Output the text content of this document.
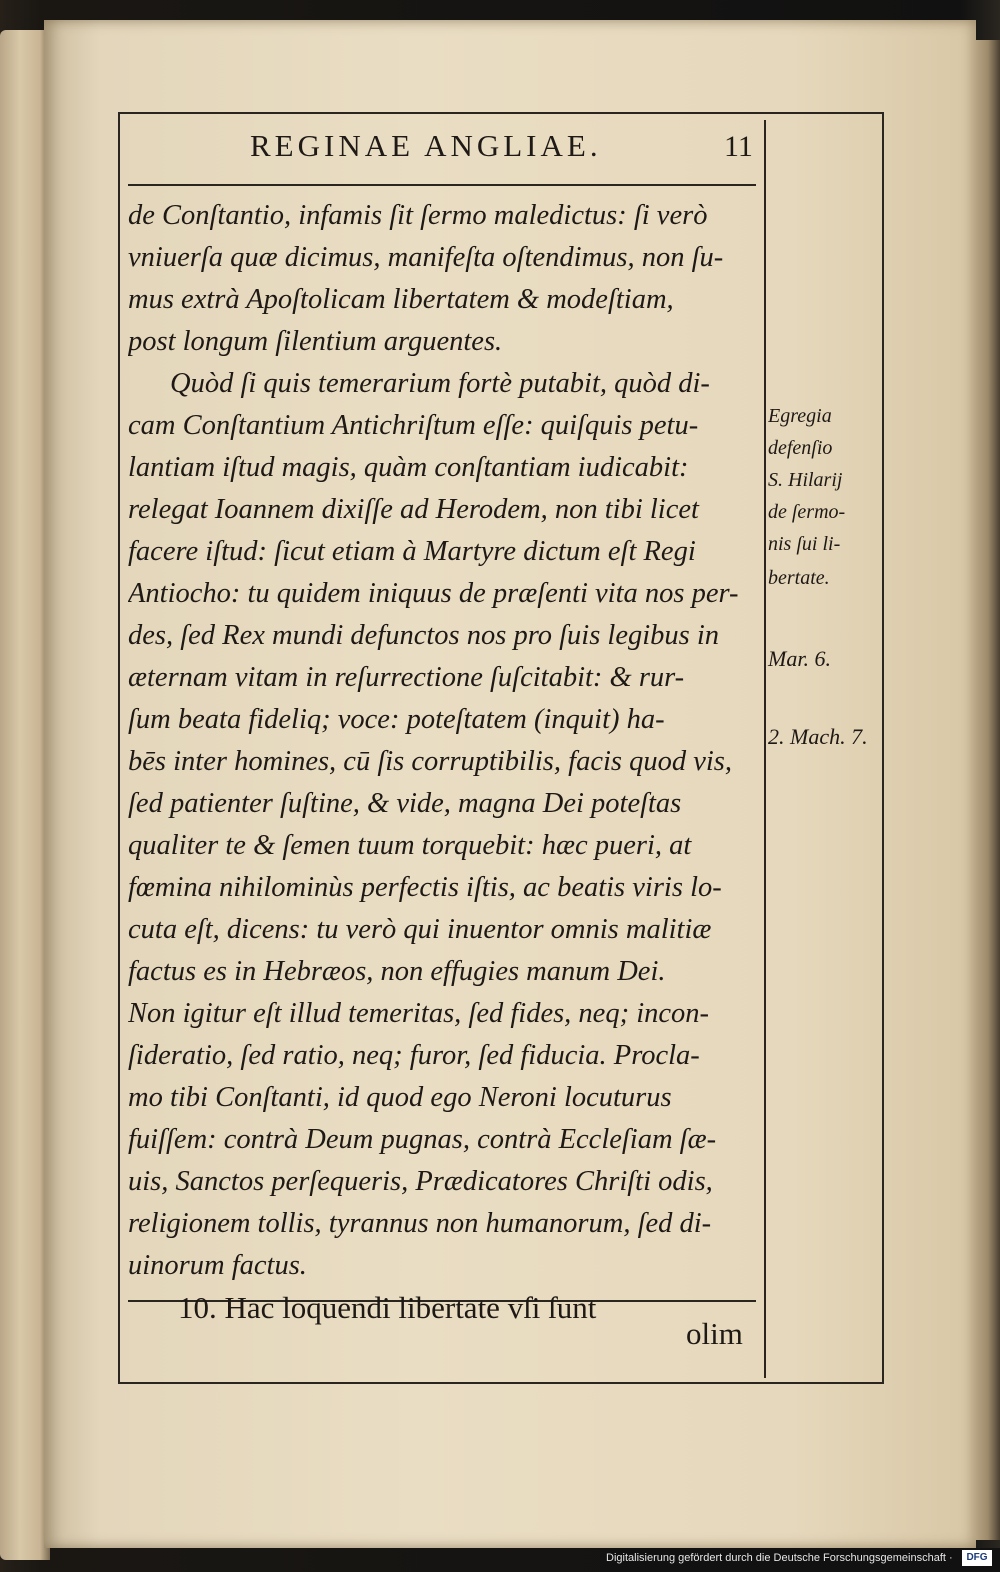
REGINAE ANGLIAE.	11
de Conſtantio, infamis ſit ſermo maledictus: ſi verò
vniuerſa quæ dicimus, manifeſta oſtendimus, non ſu-
mus extrà Apoſtolicam libertatem & modeſtiam,
post longum ſilentium arguentes.
Quòd ſi quis temerarium fortè putabit, quòd di-
cam Conſtantium Antichriſtum eſſe: quiſquis petu-
lantiam iſtud magis, quàm conſtantiam iudicabit:
relegat Ioannem dixiſſe ad Herodem, non tibi licet
facere iſtud: ſicut etiam à Martyre dictum eſt Regi
Antiocho: tu quidem iniquus de præſenti vita nos per-
des, ſed Rex mundi defunctos nos pro ſuis legibus in
æternam vitam in reſurrectione ſuſcitabit: & rur-
ſum beata fideliq; voce: poteſtatem (inquit) ha-
bēs inter homines, cū ſis corruptibilis, facis quod vis,
ſed patienter ſuſtine, & vide, magna Dei poteſtas
qualiter te & ſemen tuum torquebit: hæc pueri, at
fœmina nihilominùs perfectis iſtis, ac beatis viris lo-
cuta eſt, dicens: tu verò qui inuentor omnis malitiæ
factus es in Hebræos, non effugies manum Dei.
Non igitur eſt illud temeritas, ſed fides, neq; incon-
ſideratio, ſed ratio, neq; furor, ſed fiducia. Procla-
mo tibi Conſtanti, id quod ego Neroni locuturus
fuiſſem: contrà Deum pugnas, contrà Eccleſiam ſæ-
uis, Sanctos perſequeris, Prædicatores Chriſti odis,
religionem tollis, tyrannus non humanorum, ſed di-
uinorum factus.
10. Hac loquendi libertate vſi ſunt
Egregia
defenſio
S. Hilarij
de ſermo-
nis ſui li-
bertate.
Mar. 6.
2. Mach. 7.
olim
Digitalisierung gefördert durch die Deutsche Forschungsgemeinschaft ·	DFG
